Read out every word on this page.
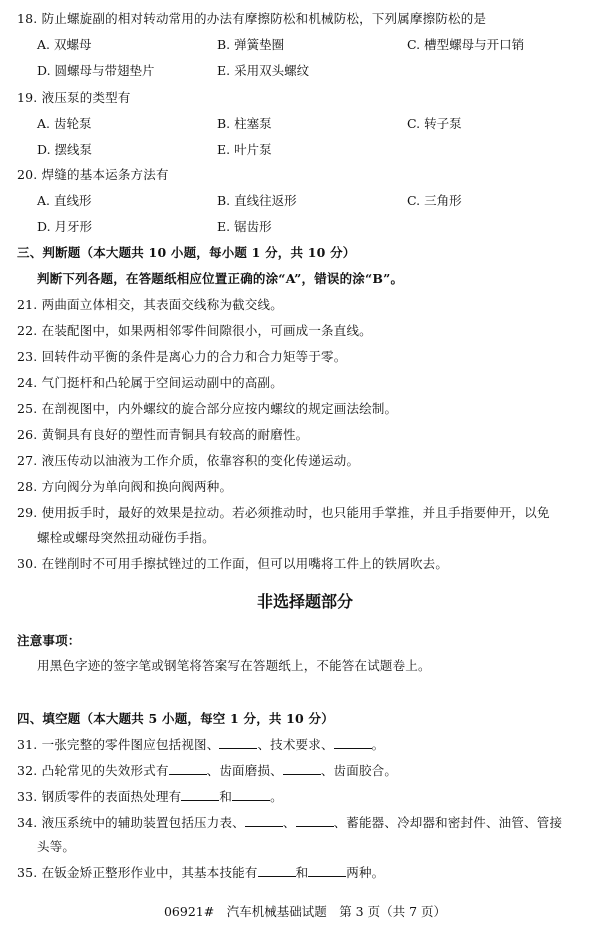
18. 防止螺旋副的相对转动常用的办法有摩擦防松和机械防松，下列属摩擦防松的是
A. 双螺母	B. 弹簧垫圈	C. 槽型螺母与开口销
D. 圆螺母与带翅垫片	E. 采用双头螺纹
19. 液压泵的类型有
A. 齿轮泵	B. 柱塞泵	C. 转子泵
D. 摆线泵	E. 叶片泵
20. 焊缝的基本运条方法有
A. 直线形	B. 直线往返形	C. 三角形
D. 月牙形	E. 锯齿形
三、判断题（本大题共 10 小题，每小题 1 分，共 10 分）
判断下列各题，在答题纸相应位置正确的涂“A”，错误的涂“B”。
21. 两曲面立体相交，其表面交线称为截交线。
22. 在装配图中，如果两相邻零件间隙很小，可画成一条直线。
23. 回转件动平衡的条件是离心力的合力和合力矩等于零。
24. 气门挺杆和凸轮属于空间运动副中的高副。
25. 在剖视图中，内外螺纹的旋合部分应按内螺纹的规定画法绘制。
26. 黄铜具有良好的塑性而青铜具有较高的耐磨性。
27. 液压传动以油液为工作介质，依靠容积的变化传递运动。
28. 方向阀分为单向阀和换向阀两种。
29. 使用扳手时，最好的效果是拉动。若必须推动时，也只能用手掌推，并且手指要伸开，以免
螺栓或螺母突然扭动碰伤手指。
30. 在锉削时不可用手擦拭锉过的工作面，但可以用嘴将工件上的铁屑吹去。
非选择题部分
注意事项：
用黑色字迹的签字笔或钢笔将答案写在答题纸上，不能答在试题卷上。
四、填空题（本大题共 5 小题，每空 1 分，共 10 分）
31. 一张完整的零件图应包括视图、	、技术要求、	。
32. 凸轮常见的失效形式有	、齿面磨损、	、齿面胶合。
33. 钢质零件的表面热处理有	和	。
34. 液压系统中的辅助装置包括压力表、	、	、蓄能器、冷却器和密封件、油管、管接
头等。
35. 在钣金矫正整形作业中，其基本技能有	和	两种。
06921#　汽车机械基础试题　第 3 页（共 7 页）
